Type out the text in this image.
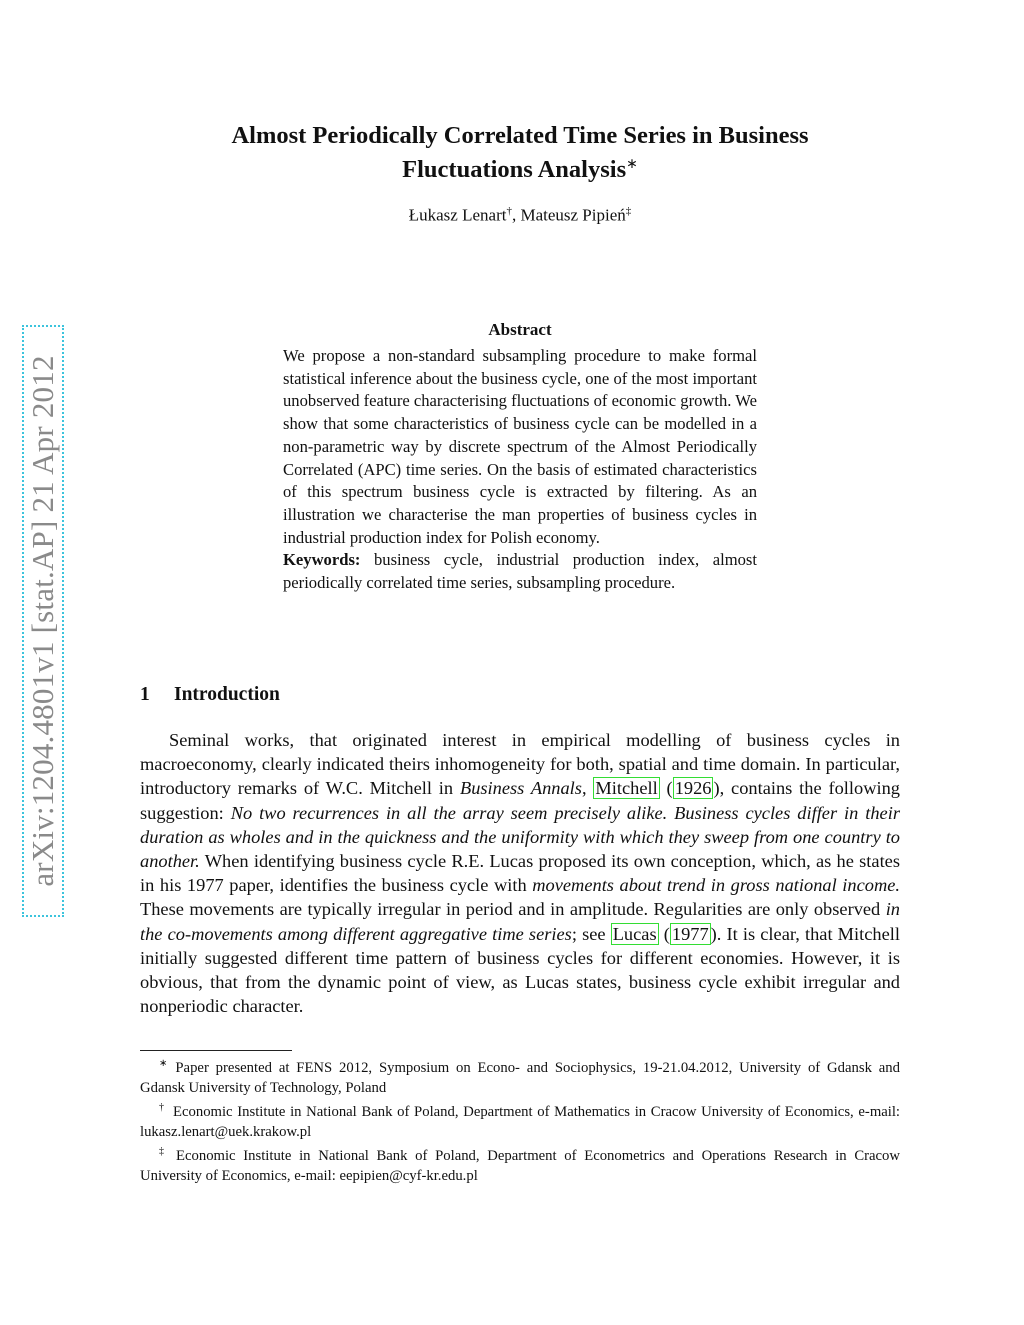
arXiv:1204.4801v1 [stat.AP] 21 Apr 2012
Almost Periodically Correlated Time Series in Business
Fluctuations Analysis∗
Łukasz Lenart†, Mateusz Pipień‡
Abstract

We propose a non-standard subsampling procedure to make formal statistical inference about the business cycle, one of the most important unobserved feature characterising fluctuations of economic growth. We show that some characteristics of business cycle can be modelled in a non-parametric way by discrete spectrum of the Almost Periodically Correlated (APC) time series. On the basis of estimated characteristics of this spectrum business cycle is extracted by filtering. As an illustration we characterise the man properties of business cycles in industrial production index for Polish economy.

Keywords: business cycle, industrial production index, almost periodically correlated time series, subsampling procedure.

1 Introduction

Seminal works, that originated interest in empirical modelling of business cycles in macroeconomy, clearly indicated theirs inhomogeneity for both, spatial and time domain. In particular, introductory remarks of W.C. Mitchell in Business Annals, Mitchell ( 1926 ), contains the following suggestion: No two recurrences in all the array seem precisely alike. Business cycles differ in their duration as wholes and in the quickness and the uniformity with which they sweep from one country to another. When identifying business cycle R.E. Lucas proposed its own conception, which, as he states in his 1977 paper, identifies the business cycle with movements about trend in gross national income. These movements are typically irregular in period and in amplitude. Regularities are only observed in the co-movements among different aggregative time series; see Lucas ( 1977 ). It is clear, that Mitchell initially suggested different time pattern of business cycles for different economies. However, it is obvious, that from the dynamic point of view, as Lucas states, business cycle exhibit irregular and nonperiodic character.

∗ Paper presented at FENS 2012, Symposium on Econo- and Sociophysics, 19-21.04.2012, University of Gdansk and Gdansk University of Technology, Poland

† Economic Institute in National Bank of Poland, Department of Mathematics in Cracow University of Economics, e-mail: lukasz.lenart@uek.krakow.pl

‡ Economic Institute in National Bank of Poland, Department of Econometrics and Operations Research in Cracow University of Economics, e-mail: eepipien@cyf-kr.edu.pl
